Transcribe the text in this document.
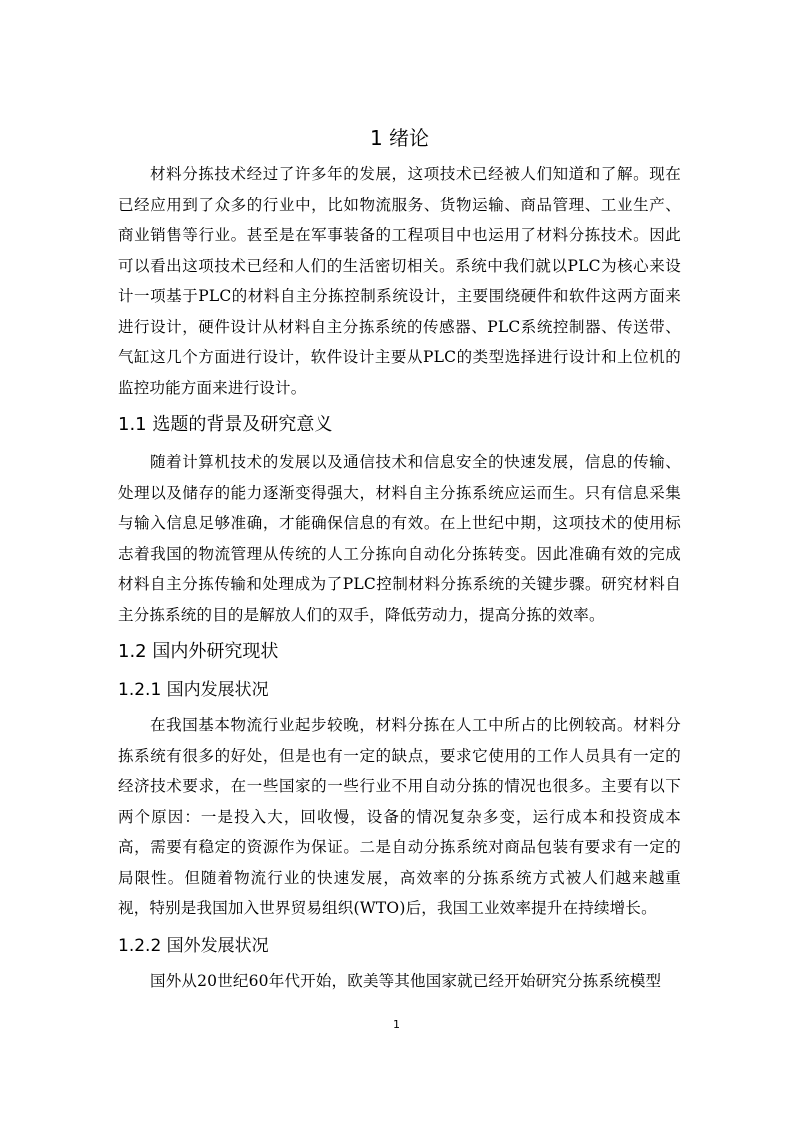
1 绪论

材料分拣技术经过了许多年的发展，这项技术已经被人们知道和了解。现在已经应用到了众多的行业中，比如物流服务、货物运输、商品管理、工业生产、商业销售等行业。甚至是在军事装备的工程项目中也运用了材料分拣技术。因此可以看出这项技术已经和人们的生活密切相关。系统中我们就以PLC为核心来设计一项基于PLC的材料自主分拣控制系统设计，主要围绕硬件和软件这两方面来进行设计，硬件设计从材料自主分拣系统的传感器、PLC系统控制器、传送带、气缸这几个方面进行设计，软件设计主要从PLC的类型选择进行设计和上位机的监控功能方面来进行设计。

1.1 选题的背景及研究意义

随着计算机技术的发展以及通信技术和信息安全的快速发展，信息的传输、处理以及储存的能力逐渐变得强大，材料自主分拣系统应运而生。只有信息采集与输入信息足够准确，才能确保信息的有效。在上世纪中期，这项技术的使用标志着我国的物流管理从传统的人工分拣向自动化分拣转变。因此准确有效的完成材料自主分拣传输和处理成为了PLC控制材料分拣系统的关键步骤。研究材料自主分拣系统的目的是解放人们的双手，降低劳动力，提高分拣的效率。

1.2 国内外研究现状
1.2.1 国内发展状况

在我国基本物流行业起步较晚，材料分拣在人工中所占的比例较高。材料分拣系统有很多的好处，但是也有一定的缺点，要求它使用的工作人员具有一定的经济技术要求，在一些国家的一些行业不用自动分拣的情况也很多。主要有以下两个原因：一是投入大，回收慢，设备的情况复杂多变，运行成本和投资成本高，需要有稳定的资源作为保证。二是自动分拣系统对商品包装有要求有一定的局限性。但随着物流行业的快速发展，高效率的分拣系统方式被人们越来越重视，特别是我国加入世界贸易组织(WTO)后，我国工业效率提升在持续增长。

1.2.2 国外发展状况

国外从20世纪60年代开始，欧美等其他国家就已经开始研究分拣系统模型

1
